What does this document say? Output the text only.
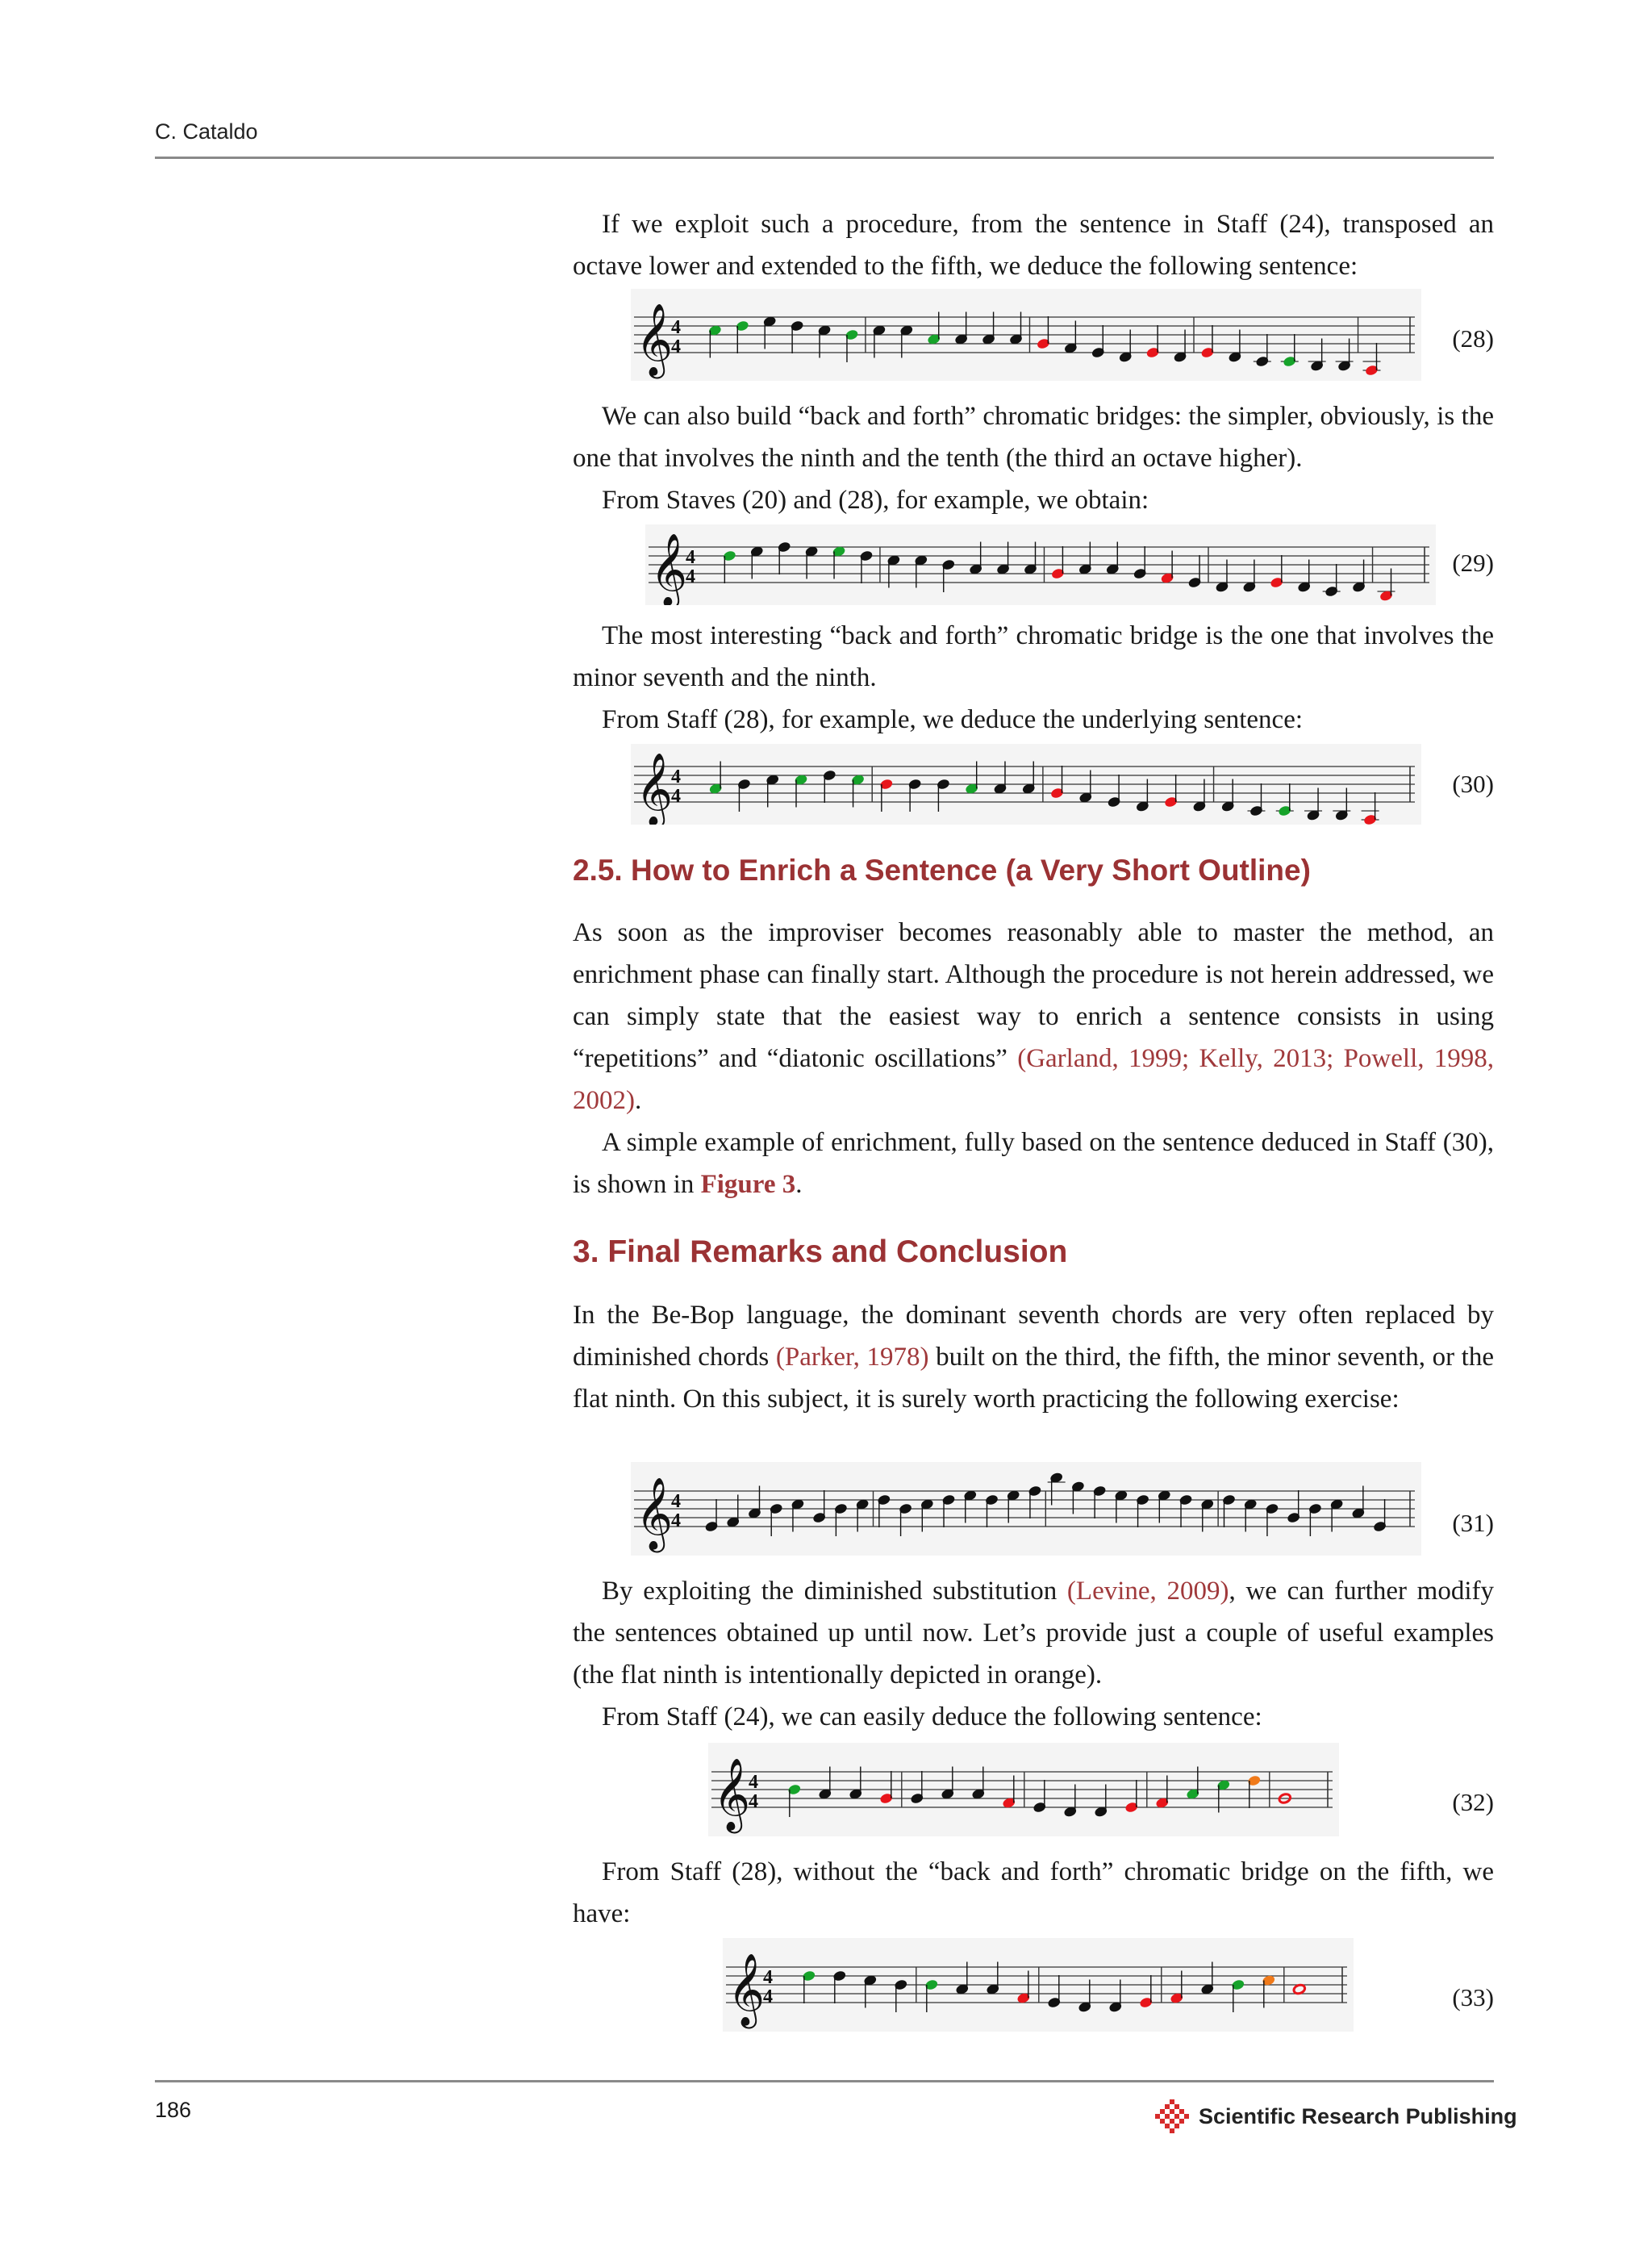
C. Cataldo

If we exploit such a procedure, from the sentence in Staff (24), transposed an octave lower and extended to the fifth, we deduce the following sentence:

𝄞
4
4	(28)

We can also build “back and forth” chromatic bridges: the simpler, obviously, is the one that involves the ninth and the tenth (the third an octave higher).

From Staves (20) and (28), for example, we obtain:

𝄞
4
4	(29)

The most interesting “back and forth” chromatic bridge is the one that involves the minor seventh and the ninth.

From Staff (28), for example, we deduce the underlying sentence:

𝄞
4
4	(30)
2.5. How to Enrich a Sentence (a Very Short Outline)

As soon as the improviser becomes reasonably able to master the method, an enrichment phase can finally start. Although the procedure is not herein addressed, we can simply state that the easiest way to enrich a sentence consists in using “repetitions” and “diatonic oscillations” (Garland, 1999; Kelly, 2013; Powell, 1998, 2002).

A simple example of enrichment, fully based on the sentence deduced in Staff (30), is shown in Figure 3.

3. Final Remarks and Conclusion

In the Be-Bop language, the dominant seventh chords are very often replaced by diminished chords (Parker, 1978) built on the third, the fifth, the minor seventh, or the flat ninth. On this subject, it is surely worth practicing the following exercise:

𝄞
4
4	(31)

By exploiting the diminished substitution (Levine, 2009), we can further modify the sentences obtained up until now. Let’s provide just a couple of useful examples (the flat ninth is intentionally depicted in orange).

From Staff (24), we can easily deduce the following sentence:

𝄞
4
4	(32)

From Staff (28), without the “back and forth” chromatic bridge on the fifth, we have:

𝄞
4
4	(33)
186	Scientific Research Publishing
